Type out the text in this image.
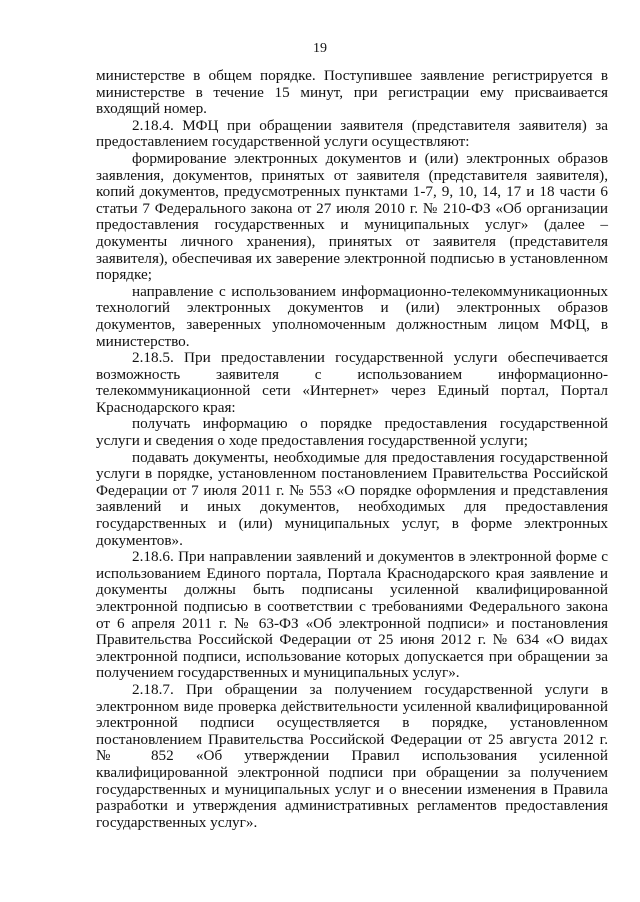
19

министерстве в общем порядке. Поступившее заявление регистрируется в министерстве в течение 15 минут, при регистрации ему присваивается входящий номер.

2.18.4. МФЦ при обращении заявителя (представителя заявителя) за предоставлением государственной услуги осуществляют:

формирование электронных документов и (или) электронных образов заявления, документов, принятых от заявителя (представителя заявителя), копий документов, предусмотренных пунктами 1-7, 9, 10, 14, 17 и 18 части 6 статьи 7 Федерального закона от 27 июля 2010 г. № 210-ФЗ «Об организации предоставления государственных и муниципальных услуг» (далее – документы личного хранения), принятых от заявителя (представителя заявителя), обеспечивая их заверение электронной подписью в установленном порядке;

направление с использованием информационно-телекоммуникационных технологий электронных документов и (или) электронных образов документов, заверенных уполномоченным должностным лицом МФЦ, в министерство.

2.18.5. При предоставлении государственной услуги обеспечивается возможность заявителя с использованием информационно-телекоммуникационной сети «Интернет» через Единый портал, Портал Краснодарского края:

получать информацию о порядке предоставления государственной услуги и сведения о ходе предоставления государственной услуги;

подавать документы, необходимые для предоставления государственной услуги в порядке, установленном постановлением Правительства Российской Федерации от 7 июля 2011 г. № 553 «О порядке оформления и представления заявлений и иных документов, необходимых для предоставления государственных и (или) муниципальных услуг, в форме электронных документов».

2.18.6. При направлении заявлений и документов в электронной форме с использованием Единого портала, Портала Краснодарского края заявление и документы должны быть подписаны усиленной квалифицированной электронной подписью в соответствии с требованиями Федерального закона от 6 апреля 2011 г. № 63-ФЗ «Об электронной подписи» и постановления Правительства Российской Федерации от 25 июня 2012 г. № 634 «О видах электронной подписи, использование которых допускается при обращении за получением государственных и муниципальных услуг».

2.18.7. При обращении за получением государственной услуги в электронном виде проверка действительности усиленной квалифицированной электронной подписи осуществляется в порядке, установленном постановлением Правительства Российской Федерации от 25 августа 2012 г. № 852 «Об утверждении Правил использования усиленной квалифицированной электронной подписи при обращении за получением государственных и муниципальных услуг и о внесении изменения в Правила разработки и утверждения административных регламентов предоставления государственных услуг».
